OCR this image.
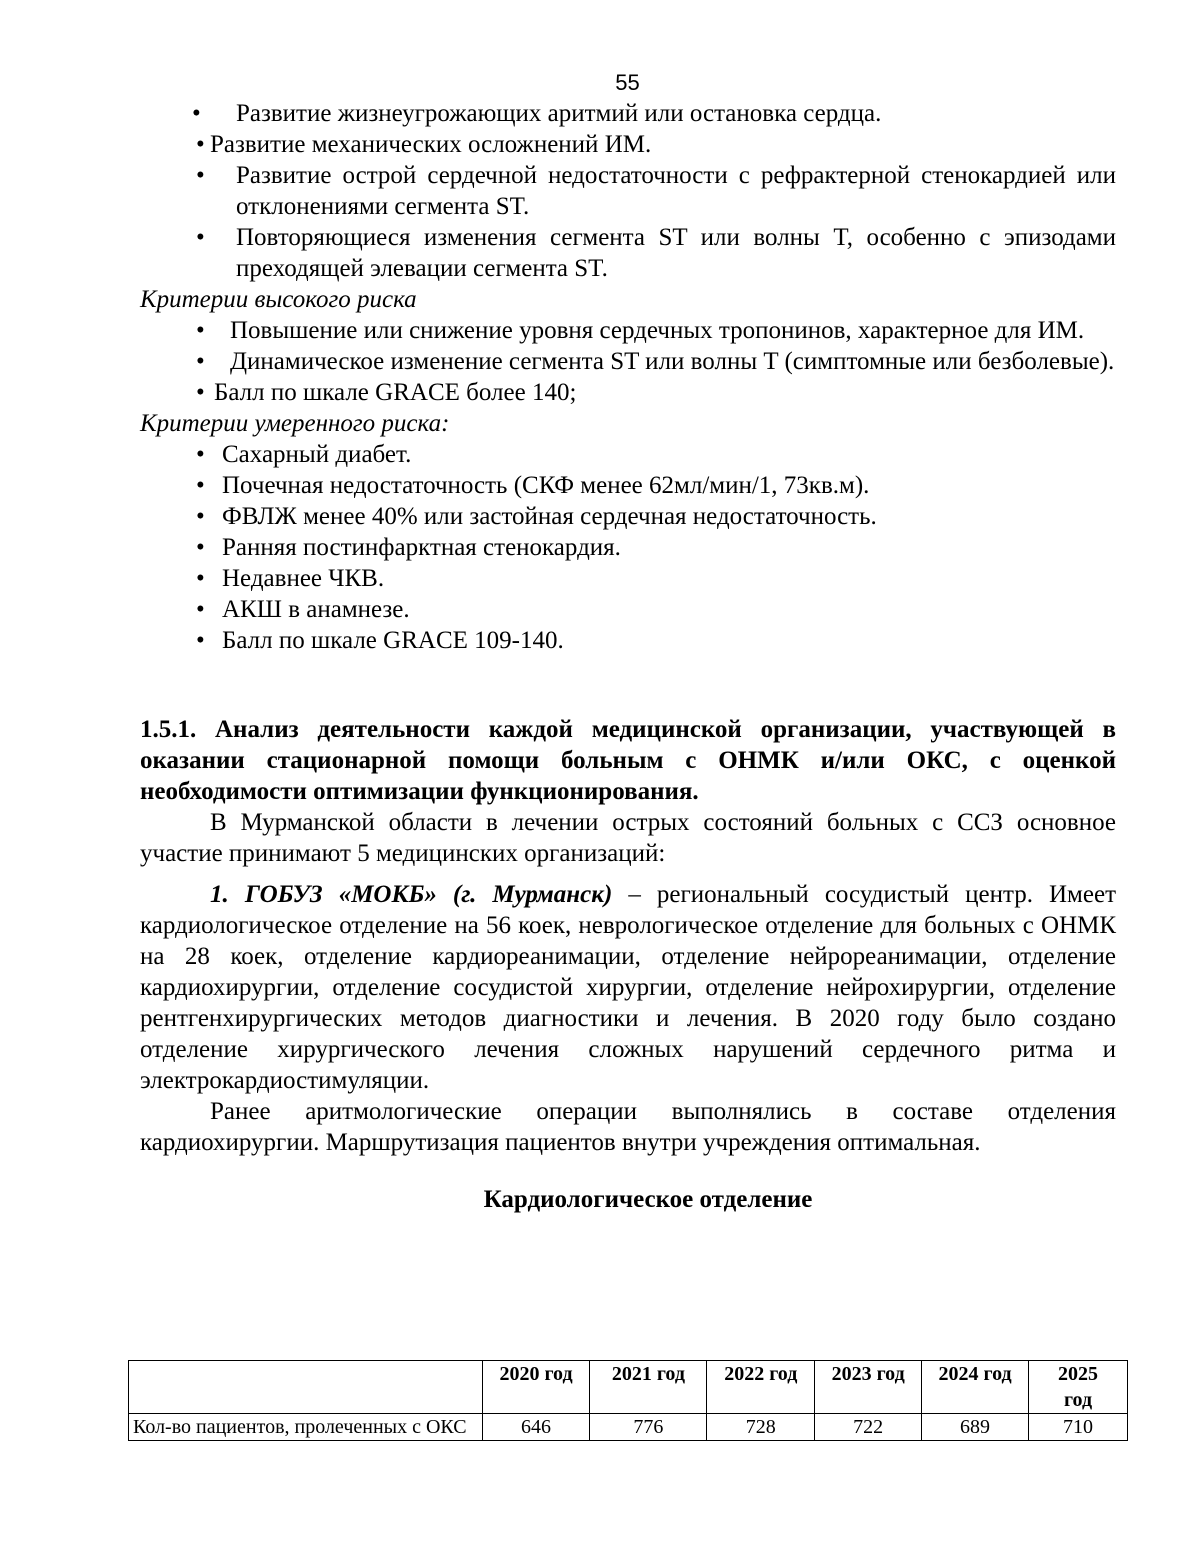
55
• Развитие жизнеугрожающих аритмий или остановка сердца.

• Развитие механических осложнений ИМ.

• Развитие острой сердечной недостаточности с рефрактерной стенокардией или отклонениями сегмента ST.

• Повторяющиеся изменения сегмента ST или волны T, особенно с эпизодами преходящей элевации сегмента ST.

Критерии высокого риска

• Повышение или снижение уровня сердечных тропонинов, характерное для ИМ.

• Динамическое изменение сегмента ST или волны T (симптомные или безболевые).

• Балл по шкале GRACE более 140;

Критерии умеренного риска:

• Сахарный диабет.

• Почечная недостаточность (СКФ менее 62мл/мин/1, 73кв.м).

• ФВЛЖ менее 40% или застойная сердечная недостаточность.

• Ранняя постинфарктная стенокардия.

• Недавнее ЧКВ.

• АКШ в анамнезе.

• Балл по шкале GRACE 109-140.

1.5.1. Анализ деятельности каждой медицинской организации, участвующей в оказании стационарной помощи больным с ОНМК и/или ОКС, с оценкой необходимости оптимизации функционирования.

В Мурманской области в лечении острых состояний больных с ССЗ основное участие принимают 5 медицинских организаций:

1. ГОБУЗ «МОКБ» (г. Мурманск) – региональный сосудистый центр. Имеет кардиологическое отделение на 56 коек, неврологическое отделение для больных с ОНМК на 28 коек, отделение кардиореанимации, отделение нейрореанимации, отделение кардиохирургии, отделение сосудистой хирургии, отделение нейрохирургии, отделение рентгенхирургических методов диагностики и лечения. В 2020 году было создано отделение хирургического лечения сложных нарушений сердечного ритма и электрокардиостимуляции.

Ранее аритмологические операции выполнялись в составе отделения кардиохирургии. Маршрутизация пациентов внутри учреждения оптимальная.

Кардиологическое отделение

	2020 год	2021 год	2022 год	2023 год	2024 год	2025 год
Кол-во пациентов, пролеченных с ОКС	646	776	728	722	689	710
